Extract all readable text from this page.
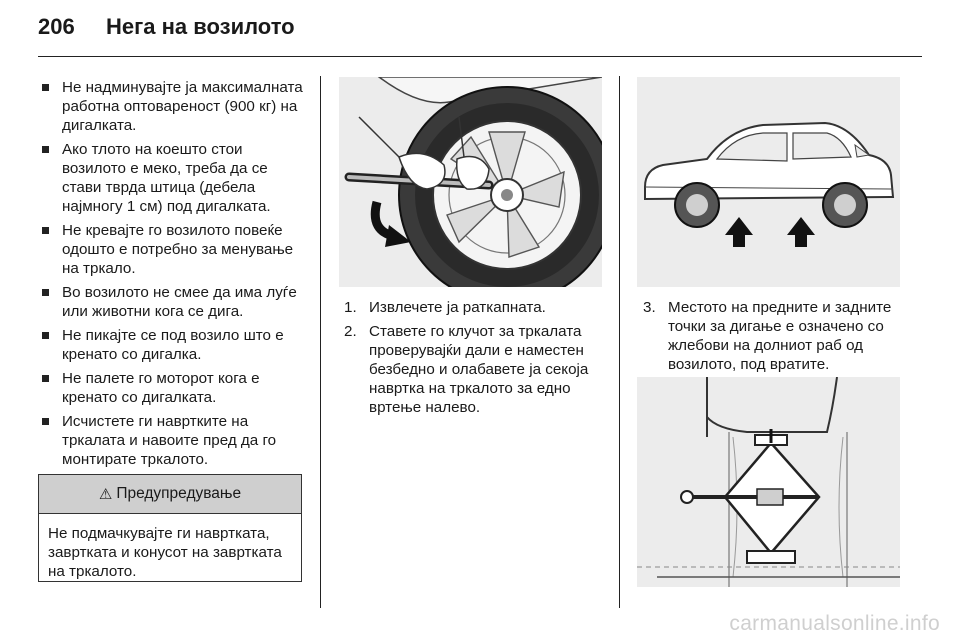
206 Нега на возилото
Не надминувајте ја максималната работна оптовареност (900 кг) на дигалката.
Ако тлото на коешто стои возилото е меко, треба да се стави тврда штица (дебела најмногу 1 см) под дигалката.
Не кревајте го возилото повеќе одошто е потребно за менување на тркало.
Во возилото не смее да има луѓе или животни кога се дига.
Не пикајте се под возило што е кренато со дигалка.
Не палете го моторот кога е кренато со дигалката.
Исчистете ги навртките на тркалата и навоите пред да го монтирате тркалото.
⚠ Предупредување
Не подмачкувајте ги навртката, завртката и конусот на завртката на тркалото.
1. Извлечете ја раткапната.
2. Ставете го клучот за тркалата проверувајќи дали е наместен безбедно и олабавете ја секоја навртка на тркалото за едно вртење налево.
3. Местото на предните и задните точки за дигање е означено со жлебови на долниот раб од возилото, под вратите.
carmanualsonline.info
